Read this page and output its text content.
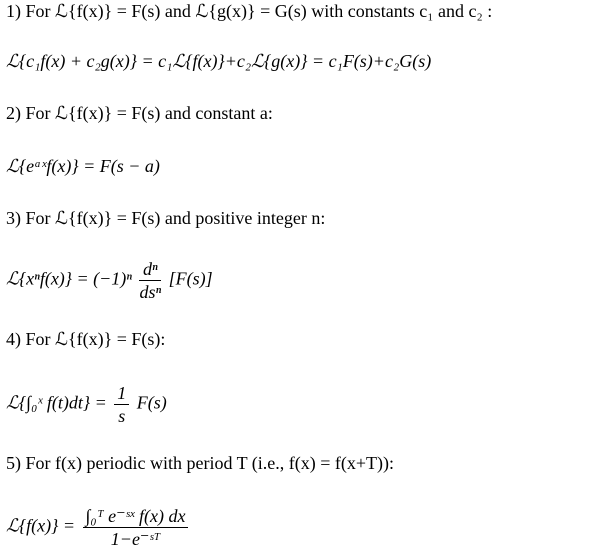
1) For ℒ{f(x)} = F(s) and ℒ{g(x)} = G(s) with constants c₁ and c₂ :
ℒ{c₁f(x) + c₂g(x)} = c₁ℒ{f(x)}+c₂ℒ{g(x)} = c₁F(s)+c₂G(s)
2) For ℒ{f(x)} = F(s) and constant a:
ℒ{eᵃˣf(x)} = F(s − a)
3) For ℒ{f(x)} = F(s) and positive integer n:
ℒ{xⁿf(x)} = $(-1)^n \frac{\text{dⁿ}}{\text{dsⁿ}} [F(s)]$
4) For ℒ{f(x)} = F(s):
ℒ{∫₀ˣ $f(t)dt\} = \frac{1}{s} F(s)$
5) For f(x) periodic with period T (i.e., f(x) = f(x+T)):
ℒ{f(x)} = $\frac{\text{∫₀ᵀ e⁻ˢˣ f(x) dx}}{\text{1−e⁻ˢᵀ}}$
